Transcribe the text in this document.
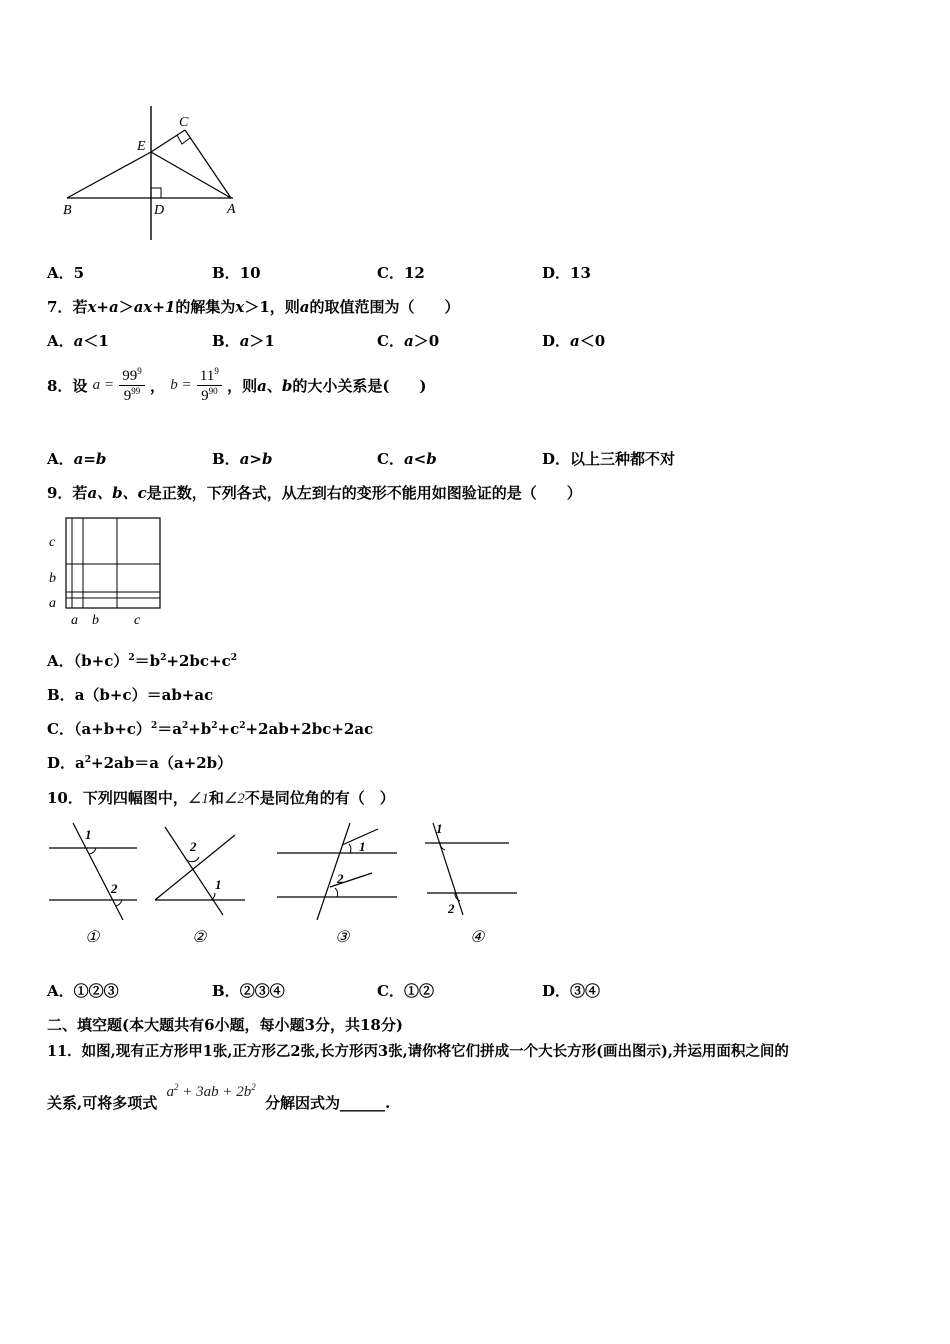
C
E
B	D	A
A．5	B．10	C．12	D．13
7．若x+a＞ax+1的解集为x＞1，则a的取值范围为（　　）
A．a＜1	B．a＞1	C．a＞0	D．a＜0
8．设 $a = \frac{99^9}{9^{99}}$ ， $b = \frac{11^9}{9^{90}}$ ，则a、b的大小关系是(　　)
A．a=b	B．a>b	C．a<b	D．以上三种都不对
9．若a、b、c是正数，下列各式，从左到右的变形不能用如图验证的是（　　）
c
b
a
a b	c
A．$(b+c)^2=b^2+2bc+c^2$
B．a（b+c）＝ab+ac
C．$(a+b+c)^2=a^2+b^2+c^2+2ab+2bc+2ac$
D．$a^2+2ab=a(a+2b)$
10．下列四幅图中，∠1和∠2不是同位角的有（　）
1
2
①
2
1
②
1
2
③
1
2
④
A．①②③	B．②③④	C．①②	D．③④
二、填空题(本大题共有6小题，每小题3分，共18分)
11．如图,现有正方形甲1张,正方形乙2张,长方形丙3张,请你将它们拼成一个大长方形(画出图示),并运用面积之间的
关系,可将多项式 $a^2 + 3ab + 2b^2$ 分解因式为______.
